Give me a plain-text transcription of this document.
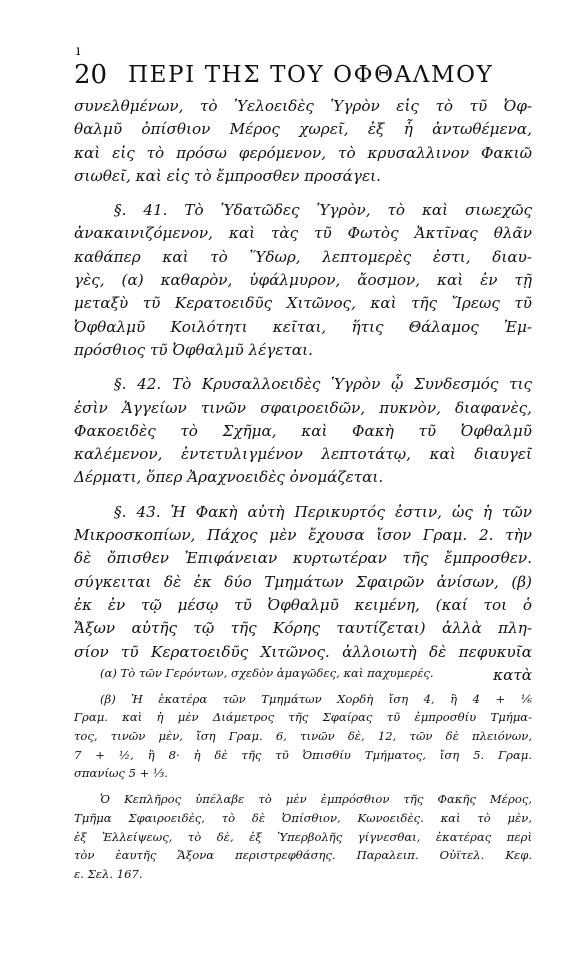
ı
20 ΠΕΡΙ ΤΗΣ ΤΟΥ ΟΦΘΑΛΜΟΥ
συνελθμένων, τὸ Ὑελοειδὲς Ὑγρὸν εἰς τὸ τῦ Ὀφ-
θαλμῦ ὀπίσθιον Μέρος χωρεῖ, ἐξ ἧ ἀντωθέμενα,
καὶ εἰς τὸ πρόσω φερόμενον, τὸ κρυσαλλινον Φακιῶ
σιωθεῖ, καὶ εἰς τὸ ἔμπροσθεν προσάγει.
§. 41. Τὸ Ὑδατῶδες Ὑγρὸν, τὸ καὶ σιωεχῶς
ἀνακαινιζόμενον, καὶ τὰς τῦ Φωτὸς Ἀκτῖνας θλᾶν
καθάπερ καὶ τὸ Ὕδωρ, λεπτομερὲς ἐστι, διαυ-
γὲς, (α) καθαρὸν, ὑφάλμυρον, ἄοσμον, καὶ ἐν τῇ
μεταξὺ τῦ Κερατοειδῦς Χιτῶνος, καὶ τῆς Ἴρεως τῦ
Ὀφθαλμῦ Κοιλότητι κεῖται, ἥτις Θάλαμος Ἐμ-
πρόσθιος τῦ Ὀφθαλμῦ λέγεται.
§. 42. Τὸ Κρυσαλλοειδὲς Ὑγρὸν ᾧ Συνδεσμός τις
ἐσὶν Ἀγγείων τινῶν σφαιροειδῶν, πυκνὸν, διαφανὲς,
Φακοειδὲς τὸ Σχῆμα, καὶ Φακὴ τῦ Ὀφθαλμῦ
καλέμενον, ἐντετυλιγμένον λεπτοτάτῳ, καὶ διαυγεῖ
Δέρματι, ὅπερ Ἀραχνοειδὲς ὀνομάζεται.
§. 43. Ἡ Φακὴ αὐτὴ Περικυρτός ἐστιν, ὡς ἡ τῶν
Μικροσκοπίων, Πάχος μὲν ἔχουσα ἴσον Γραμ. 2. τὴν
δὲ ὄπισθεν Ἐπιφάνειαν κυρτωτέραν τῆς ἔμπροσθεν.
σύγκειται δὲ ἐκ δύο Τμημάτων Σφαιρῶν ἀνίσων, (β)
ἐκ ἐν τῷ μέσῳ τῦ Ὀφθαλμῦ κειμένη, (καί τοι ὁ
Ἄξων αὐτῆς τῷ τῆς Κόρης ταυτίζεται) ἀλλὰ πλη-
σίον τῦ Κερατοειδῦς Χιτῶνος. ἀλλοιωτὴ δὲ πεφυκυῖα
κατὰ
(α) Τὸ τῶν Γερόντων, σχεδὸν ἁμαγῶδες, καὶ παχυμερές.
(β) Ἡ ἑκατέρα τῶν Τμημάτων Χορδὴ ἴση 4, ἢ 4 + ⅙
Γραμ. καὶ ἡ μὲν Διάμετρος τῆς Σφαίρας τῦ ἐμπροσθίυ Τμήμα-
τος, τινῶν μὲν, ἴση Γραμ. 6, τινῶν δὲ, 12, τῶν δὲ πλειόνων,
7 + ½, ἢ 8· ἡ δὲ τῆς τῦ Ὀπισθίυ Τμήματος, ἴση 5. Γραμ.
σπανίως 5 + ⅓.
Ὁ Κεπλῆρος ὑπέλαβε τὸ μὲν ἐμπρόσθιον τῆς Φακῆς Μέρος,
Τμῆμα Σφαιροειδὲς, τὸ δὲ Ὀπίσθιον, Κωνοειδὲς. καὶ τὸ μὲν,
ἐξ Ἐλλείψεως, τὸ δὲ, ἐξ Ὑπερβολῆς γίγνεσθαι, ἑκατέρας περὶ
τὸν ἑαυτῆς Ἄξονα περιστρεφθάσης. Παραλειπ. Οὐϊτελ. Κεφ.
ε. Σελ. 167.
